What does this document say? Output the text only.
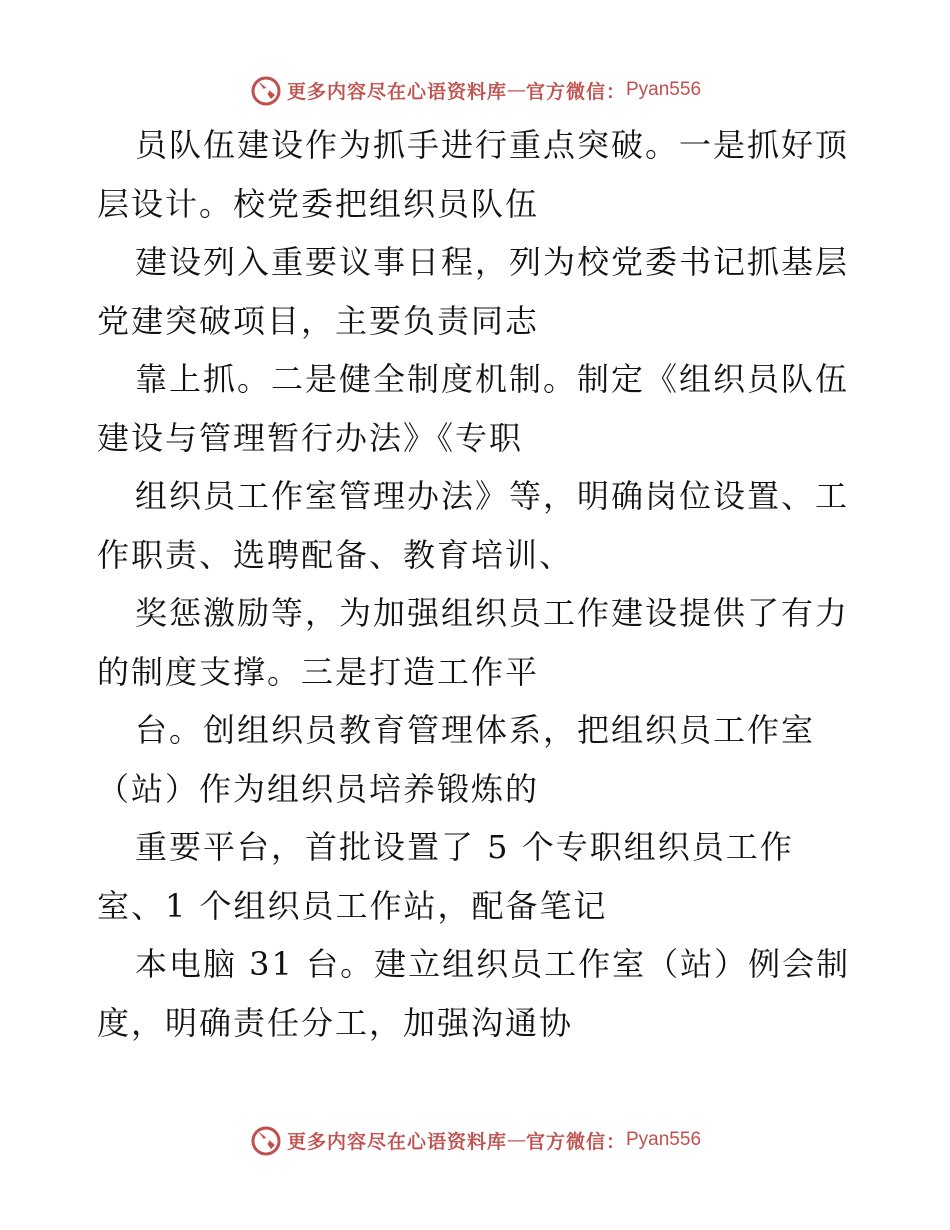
更多内容尽在心语资料库 — 官方微信： Pyan556

员队伍建设作为抓手进行重点突破。一是抓好顶
层设计。校党委把组织员队伍

建设列入重要议事日程，列为校党委书记抓基层
党建突破项目，主要负责同志

靠上抓。二是健全制度机制。制定《组织员队伍
建设与管理暂行办法》《专职

组织员工作室管理办法》等，明确岗位设置、工
作职责、选聘配备、教育培训、

奖惩激励等，为加强组织员工作建设提供了有力
的制度支撑。三是打造工作平

台。创组织员教育管理体系，把组织员工作室
（站）作为组织员培养锻炼的

重要平台，首批设置了 5 个专职组织员工作
室、1 个组织员工作站，配备笔记

本电脑 31 台。建立组织员工作室（站）例会制
度，明确责任分工，加强沟通协

更多内容尽在心语资料库 — 官方微信： Pyan556
